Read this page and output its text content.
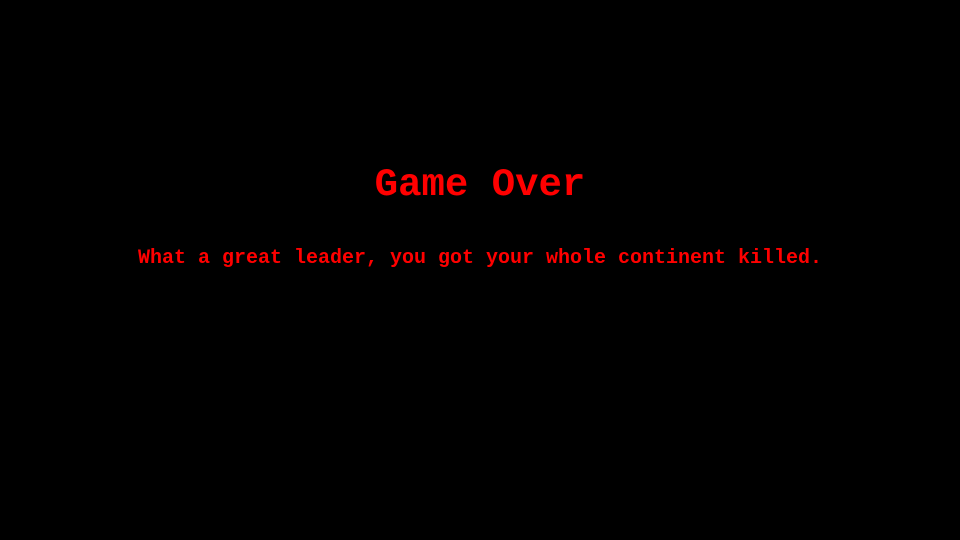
Game Over

What a great leader, you got your whole continent killed.
